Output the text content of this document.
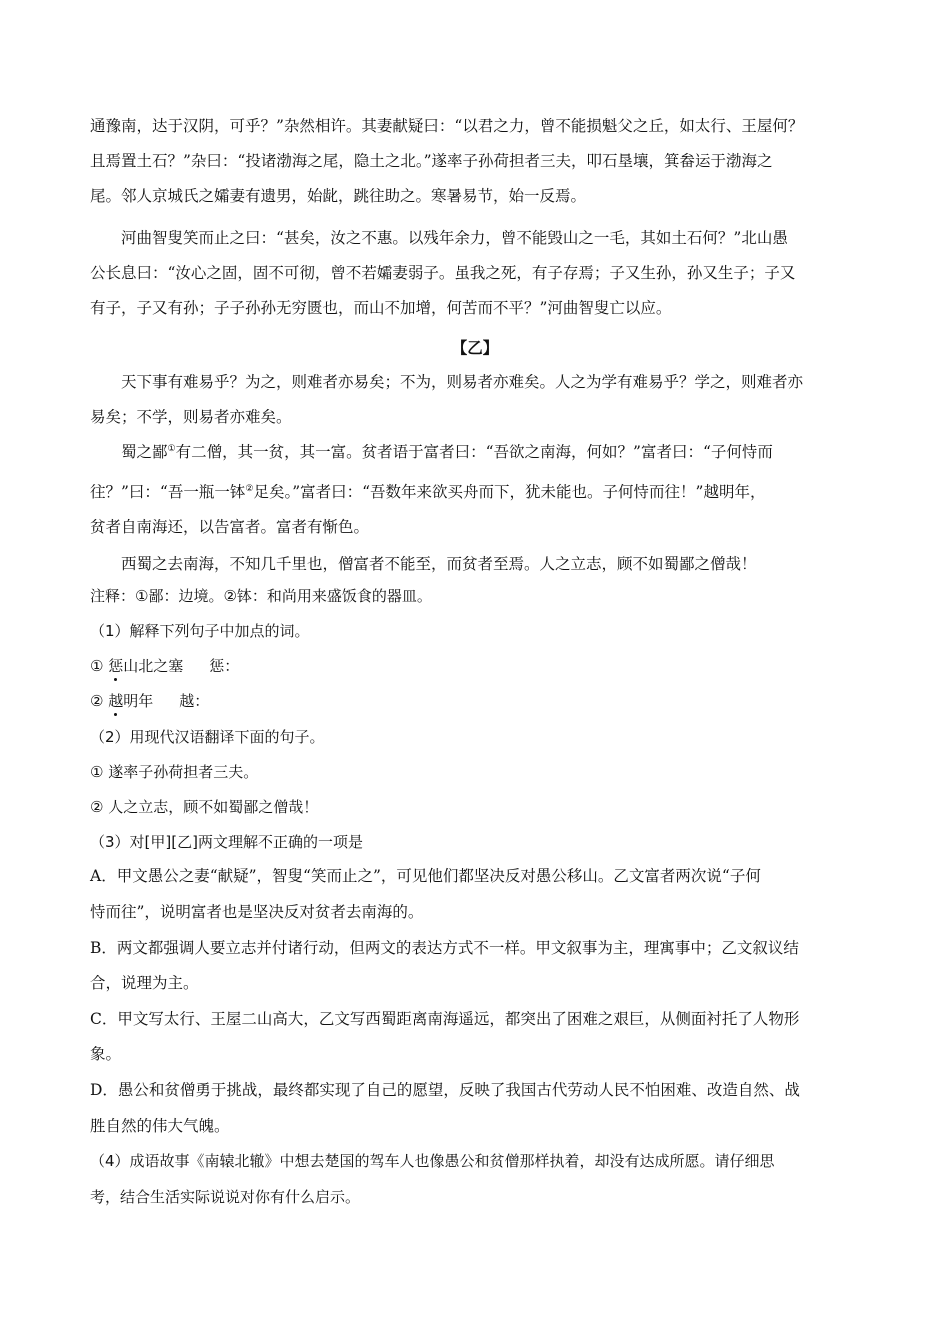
通豫南，达于汉阴，可乎？”杂然相许。其妻献疑曰：“以君之力，曾不能损魁父之丘，如太行、王屋何？
且焉置土石？”杂曰：“投诸渤海之尾，隐土之北。”遂率子孙荷担者三夫，叩石垦壤，箕畚运于渤海之
尾。邻人京城氏之孀妻有遗男，始龀，跳往助之。寒暑易节，始一反焉。
河曲智叟笑而止之曰：“甚矣，汝之不惠。以残年余力，曾不能毁山之一毛，其如土石何？”北山愚
公长息曰：“汝心之固，固不可彻，曾不若孀妻弱子。虽我之死，有子存焉；子又生孙，孙又生子；子又
有子，子又有孙；子子孙孙无穷匮也，而山不加增，何苦而不平？”河曲智叟亡以应。
【乙】
天下事有难易乎？为之，则难者亦易矣；不为，则易者亦难矣。人之为学有难易乎？学之，则难者亦
易矣；不学，则易者亦难矣。
蜀之鄙①有二僧，其一贫，其一富。贫者语于富者曰：“吾欲之南海，何如？”富者曰：“子何恃而
往？”曰：“吾一瓶一钵②足矣。”富者曰：“吾数年来欲买舟而下，犹未能也。子何恃而往！”越明年，
贫者自南海还，以告富者。富者有惭色。
西蜀之去南海，不知几千里也，僧富者不能至，而贫者至焉。人之立志，顾不如蜀鄙之僧哉！
注释：①鄙：边境。②钵：和尚用来盛饭食的器皿。
（1）解释下列句子中加点的词。
① 惩山北之塞 惩：
② 越明年 越：
（2）用现代汉语翻译下面的句子。
① 遂率子孙荷担者三夫。
② 人之立志，顾不如蜀鄙之僧哉！
（3）对[甲][乙]两文理解不正确的一项是
A．甲文愚公之妻“献疑”，智叟“笑而止之”，可见他们都坚决反对愚公移山。乙文富者两次说“子何
恃而往”，说明富者也是坚决反对贫者去南海的。
B．两文都强调人要立志并付诸行动，但两文的表达方式不一样。甲文叙事为主，理寓事中；乙文叙议结
合，说理为主。
C．甲文写太行、王屋二山高大，乙文写西蜀距离南海遥远，都突出了困难之艰巨，从侧面衬托了人物形
象。
D．愚公和贫僧勇于挑战，最终都实现了自己的愿望，反映了我国古代劳动人民不怕困难、改造自然、战
胜自然的伟大气魄。
（4）成语故事《南辕北辙》中想去楚国的驾车人也像愚公和贫僧那样执着，却没有达成所愿。请仔细思
考，结合生活实际说说对你有什么启示。
